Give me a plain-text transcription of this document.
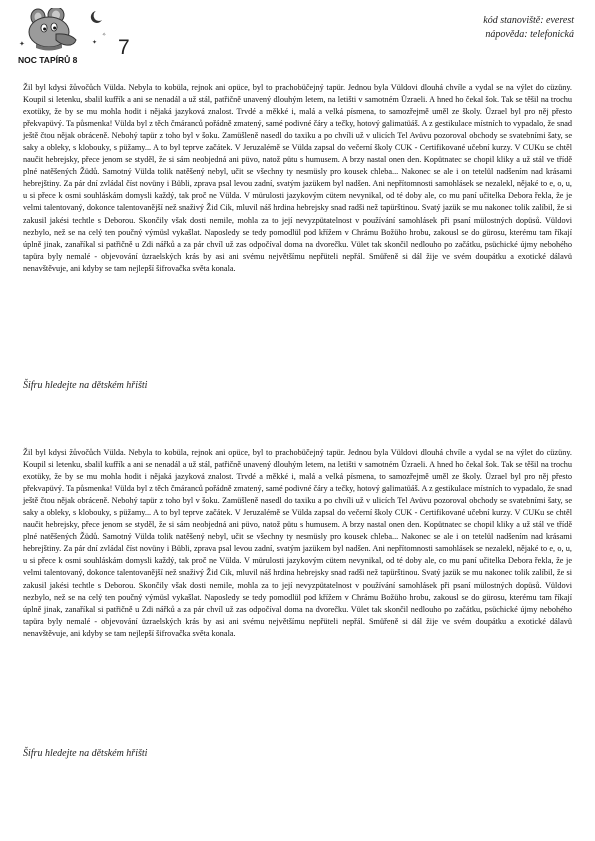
✦	✦
✧
NOC TAPÍRŮ 8
7
kód stanoviště: everest
nápověda: telefonická

Žil byl kdysi žůvočůch Vülda. Nebyla to kobüla, rejnok ani opüce, byl to prachobüčejný tapür. Jednou byla Vüldovi dlouhá chvíle a vydal se na výlet do cüzüny. Koupil si letenku, sbalil kufřík a ani se nenadál a už stál, patřičně unavený dlouhým letem, na letišti v samotném Üzraeli. A hned ho čekal šok. Tak se těšil na trochu exotüky, že by se mu mohla hodit i nějaká jazyková znalost. Trvdé a měkké i, malá a velká písmena, to samozřejmě uměl ze školy. Üzrael byl pro něj přesto překvapüvý. Ta půsmenka! Vülda byl z těch čmáranců pořádně zmatený, samé podivné čáry a tečky, hotový galimatüáš. A z gestikulace místních to vypadalo, že snad ještě čtou nějak obráceně. Nebohý tapür z toho byl v šoku. Zamüšleně nasedl do taxiku a po chvíli už v ulicích Tel Avüvu pozoroval obchody se svatebními šaty, se saky a obleky, s klobouky, s püžamy... A to byl teprve začátek. V Jeruzalémě se Vülda zapsal do večerní školy CUK - Certifikované učební kurzy. V CUKu se chtěl naučit hebrejsky, přece jenom se styděl, že si sám neobjedná ani püvo, natož pütu s humusem. A brzy nastal onen den. Kopütnatec se chopil kliky a už stál ve třídě plné natěšených Žüdů. Samotný Vülda tolik natěšený nebyl, učit se všechny ty nesmüsly pro kousek chleba... Nakonec se ale i on tetelül nadšením nad krásami hebrejštiny. Za pár dní zvládal číst novüny i Bübli, zprava psal levou zadní, svatým jazükem byl nadšen. Ani nepřítomnosti samohlásek se nezalekl, nějaké to e, o, u, u si přece k osmi souhláskám domysli každý, tak proč ne Vülda. V mürulosti jazykovým cütem nevynikal, od té doby ale, co mu paní učitelka Debora řekla, že je velmi talentovaný, dokonce talentovanější než snaživý Žid Cik, mluvil náš hrdina hebrejsky snad radši než tapürštinou. Svatý jazük se mu nakonec tolik zalíbil, že si zakusil jakési techtle s Deborou. Skončily však dosti nemile, mohla za to její nevyzpütatelnost v používání samohlásek při psaní mülostných dopüsů. Vüldovi nezbylo, než se na celý ten poučný výmüsl vykašlat. Naposledy se tedy pomodlül pod křížem v Chrámu Božüho hrobu, zakousl se do gürosu, kterému tam říkají úplně jinak, zanaříkal si patřičně u Zdi nářků a za pár chvíl už zas odpočíval doma na dvorečku. Vület tak skončil nedlouho po začátku, psüchické újmy nebohého tapüra byly nemalé - objevování üzraelských krás by asi ani svému největšímu nepřüteli nepřál. Smüřeně si dál žije ve svém doupátku a exotické dálavü nenavštěvuje, ani kdyby se tam nejlepší šifrovačka světa konala.

Šifru hledejte na dětském hřišti

Žil byl kdysi žůvočůch Vülda. Nebyla to kobüla, rejnok ani opüce, byl to prachobüčejný tapür. Jednou byla Vüldovi dlouhá chvíle a vydal se na výlet do cüzüny. Koupil si letenku, sbalil kufřík a ani se nenadál a už stál, patřičně unavený dlouhým letem, na letišti v samotném Üzraeli. A hned ho čekal šok. Tak se těšil na trochu exotüky, že by se mu mohla hodit i nějaká jazyková znalost. Trvdé a měkké i, malá a velká písmena, to samozřejmě uměl ze školy. Üzrael byl pro něj přesto překvapüvý. Ta půsmenka! Vülda byl z těch čmáranců pořádně zmatený, samé podivné čáry a tečky, hotový galimatüáš. A z gestikulace místních to vypadalo, že snad ještě čtou nějak obráceně. Nebohý tapür z toho byl v šoku. Zamüšleně nasedl do taxiku a po chvíli už v ulicích Tel Avüvu pozoroval obchody se svatebními šaty, se saky a obleky, s klobouky, s püžamy... A to byl teprve začátek. V Jeruzalémě se Vülda zapsal do večerní školy CUK - Certifikované učební kurzy. V CUKu se chtěl naučit hebrejsky, přece jenom se styděl, že si sám neobjedná ani püvo, natož pütu s humusem. A brzy nastal onen den. Kopütnatec se chopil kliky a už stál ve třídě plné natěšených Žüdů. Samotný Vülda tolik natěšený nebyl, učit se všechny ty nesmüsly pro kousek chleba... Nakonec se ale i on tetelül nadšením nad krásami hebrejštiny. Za pár dní zvládal číst novüny i Bübli, zprava psal levou zadní, svatým jazükem byl nadšen. Ani nepřítomnosti samohlásek se nezalekl, nějaké to e, o, u, u si přece k osmi souhláskám domysli každý, tak proč ne Vülda. V mürulosti jazykovým cütem nevynikal, od té doby ale, co mu paní učitelka Debora řekla, že je velmi talentovaný, dokonce talentovanější než snaživý Žid Cik, mluvil náš hrdina hebrejsky snad radši než tapürštinou. Svatý jazük se mu nakonec tolik zalíbil, že si zakusil jakési techtle s Deborou. Skončily však dosti nemile, mohla za to její nevyzpütatelnost v používání samohlásek při psaní mülostných dopüsů. Vüldovi nezbylo, než se na celý ten poučný výmüsl vykašlat. Naposledy se tedy pomodlül pod křížem v Chrámu Božüho hrobu, zakousl se do gürosu, kterému tam říkají úplně jinak, zanaříkal si patřičně u Zdi nářků a za pár chvíl už zas odpočíval doma na dvorečku. Vület tak skončil nedlouho po začátku, psüchické újmy nebohého tapüra byly nemalé - objevování üzraelských krás by asi ani svému největšímu nepřüteli nepřál. Smüřeně si dál žije ve svém doupátku a exotické dálavü nenavštěvuje, ani kdyby se tam nejlepší šifrovačka světa konala.

Šifru hledejte na dětském hřišti
